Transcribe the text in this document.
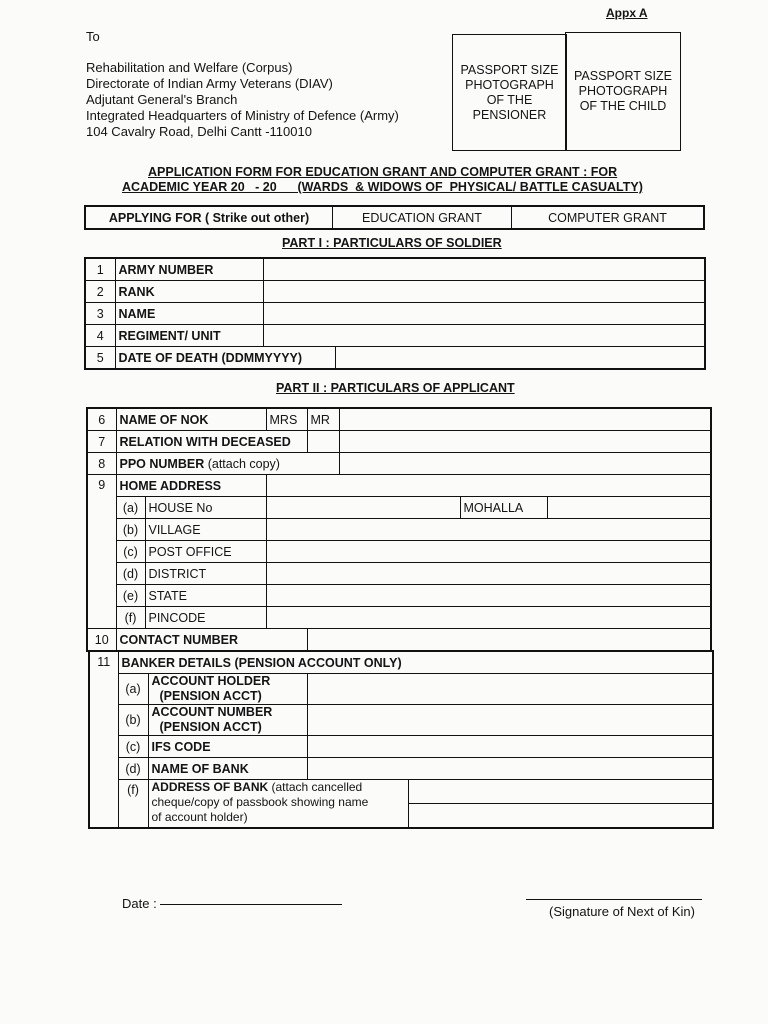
Appx A
To
Rehabilitation and Welfare (Corpus)
Directorate of Indian Army Veterans (DIAV)
Adjutant General's Branch
Integrated Headquarters of Ministry of Defence (Army)
104 Cavalry Road, Delhi Cantt -110010
PASSPORT SIZE
PHOTOGRAPH
OF THE
PENSIONER
PASSPORT SIZE
PHOTOGRAPH
OF THE CHILD
APPLICATION FORM FOR EDUCATION GRANT AND COMPUTER GRANT : FOR
ACADEMIC YEAR 20   - 20      (WARDS  & WIDOWS OF  PHYSICAL/ BATTLE CASUALTY)
APPLYING FOR ( Strike out other)	EDUCATION GRANT	COMPUTER GRANT
PART I : PARTICULARS OF SOLDIER
1	ARMY NUMBER		
2	RANK		
3	NAME		
4	REGIMENT/ UNIT		
5	DATE OF DEATH (DDMMYYYY)		
PART II : PARTICULARS OF APPLICANT
6	NAME OF NOK		MRS	MR			
7	RELATION WITH DECEASED						
8	PPO NUMBER (attach copy)						
9	HOME ADDRESS						
	(a)	HOUSE No				MOHALLA	
	(b)	VILLAGE					
	(c)	POST OFFICE					
	(d)	DISTRICT					
	(e)	STATE					
	(f)	PINCODE					
10	CONTACT NUMBER						
11	BANKER DETAILS (PENSION ACCOUNT ONLY)			
	(a)	ACCOUNT HOLDER
(PENSION ACCT)		

	(b)	ACCOUNT NUMBER
(PENSION ACCT)		

	(c)	IFS CODE		
	(d)	NAME OF BANK		
	(f)	ADDRESS OF BANK (attach cancelled
cheque/copy of passbook showing name
of account holder)		
Date :
(Signature of Next of Kin)
